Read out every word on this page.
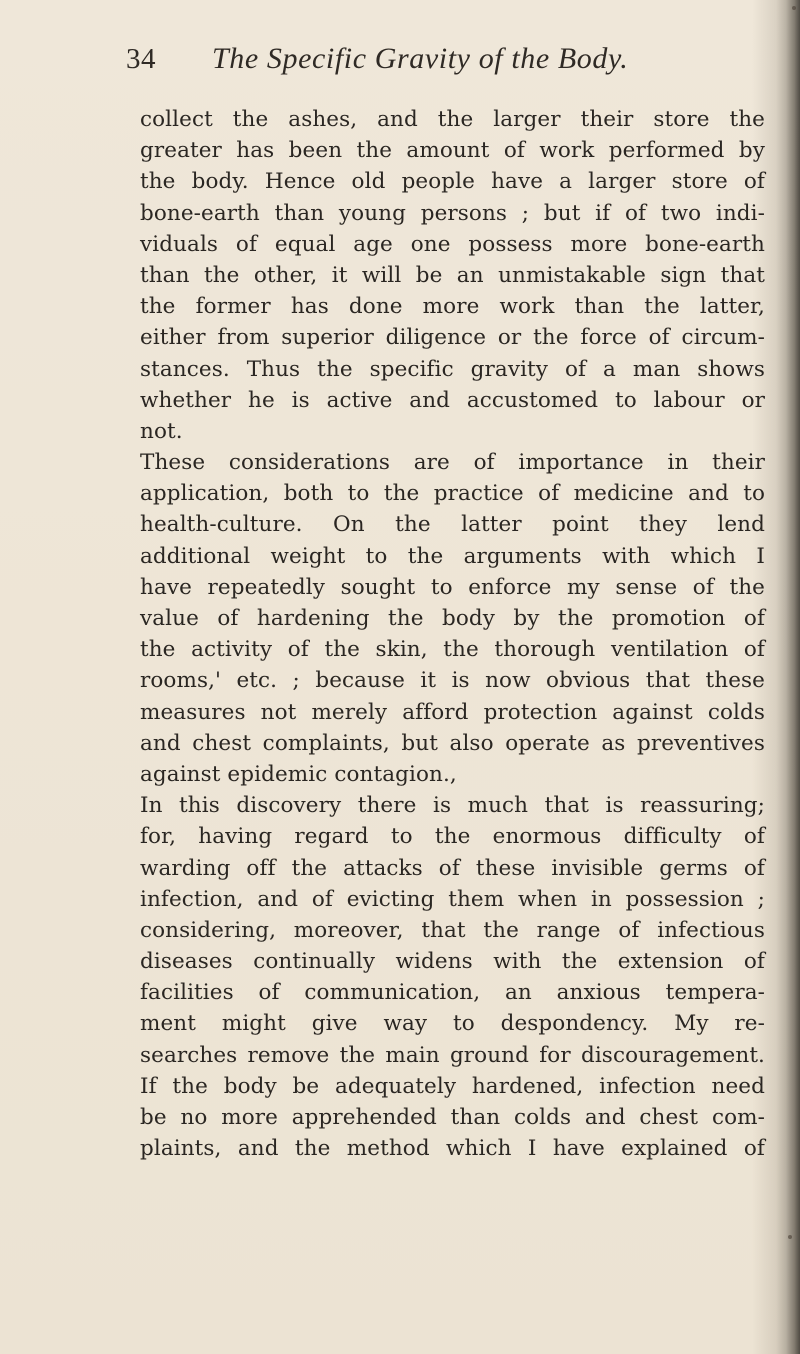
34 The Specific Gravity of the Body.
collect the ashes, and the larger their store the
greater has been the amount of work performed by
the body. Hence old people have a larger store of
bone-earth than young persons ; but if of two indi-
viduals of equal age one possess more bone-earth
than the other, it will be an unmistakable sign that
the former has done more work than the latter,
either from superior diligence or the force of circum-
stances. Thus the specific gravity of a man shows
whether he is active and accustomed to labour or
not.
These considerations are of importance in their
application, both to the practice of medicine and to
health-culture. On the latter point they lend
additional weight to the arguments with which I
have repeatedly sought to enforce my sense of the
value of hardening the body by the promotion of
the activity of the skin, the thorough ventilation of
rooms,' etc. ; because it is now obvious that these
measures not merely afford protection against colds
and chest complaints, but also operate as preventives
against epidemic contagion.,
In this discovery there is much that is reassuring;
for, having regard to the enormous difficulty of
warding off the attacks of these invisible germs of
infection, and of evicting them when in possession ;
considering, moreover, that the range of infectious
diseases continually widens with the extension of
facilities of communication, an anxious tempera-
ment might give way to despondency. My re-
searches remove the main ground for discouragement.
If the body be adequately hardened, infection need
be no more apprehended than colds and chest com-
plaints, and the method which I have explained of
